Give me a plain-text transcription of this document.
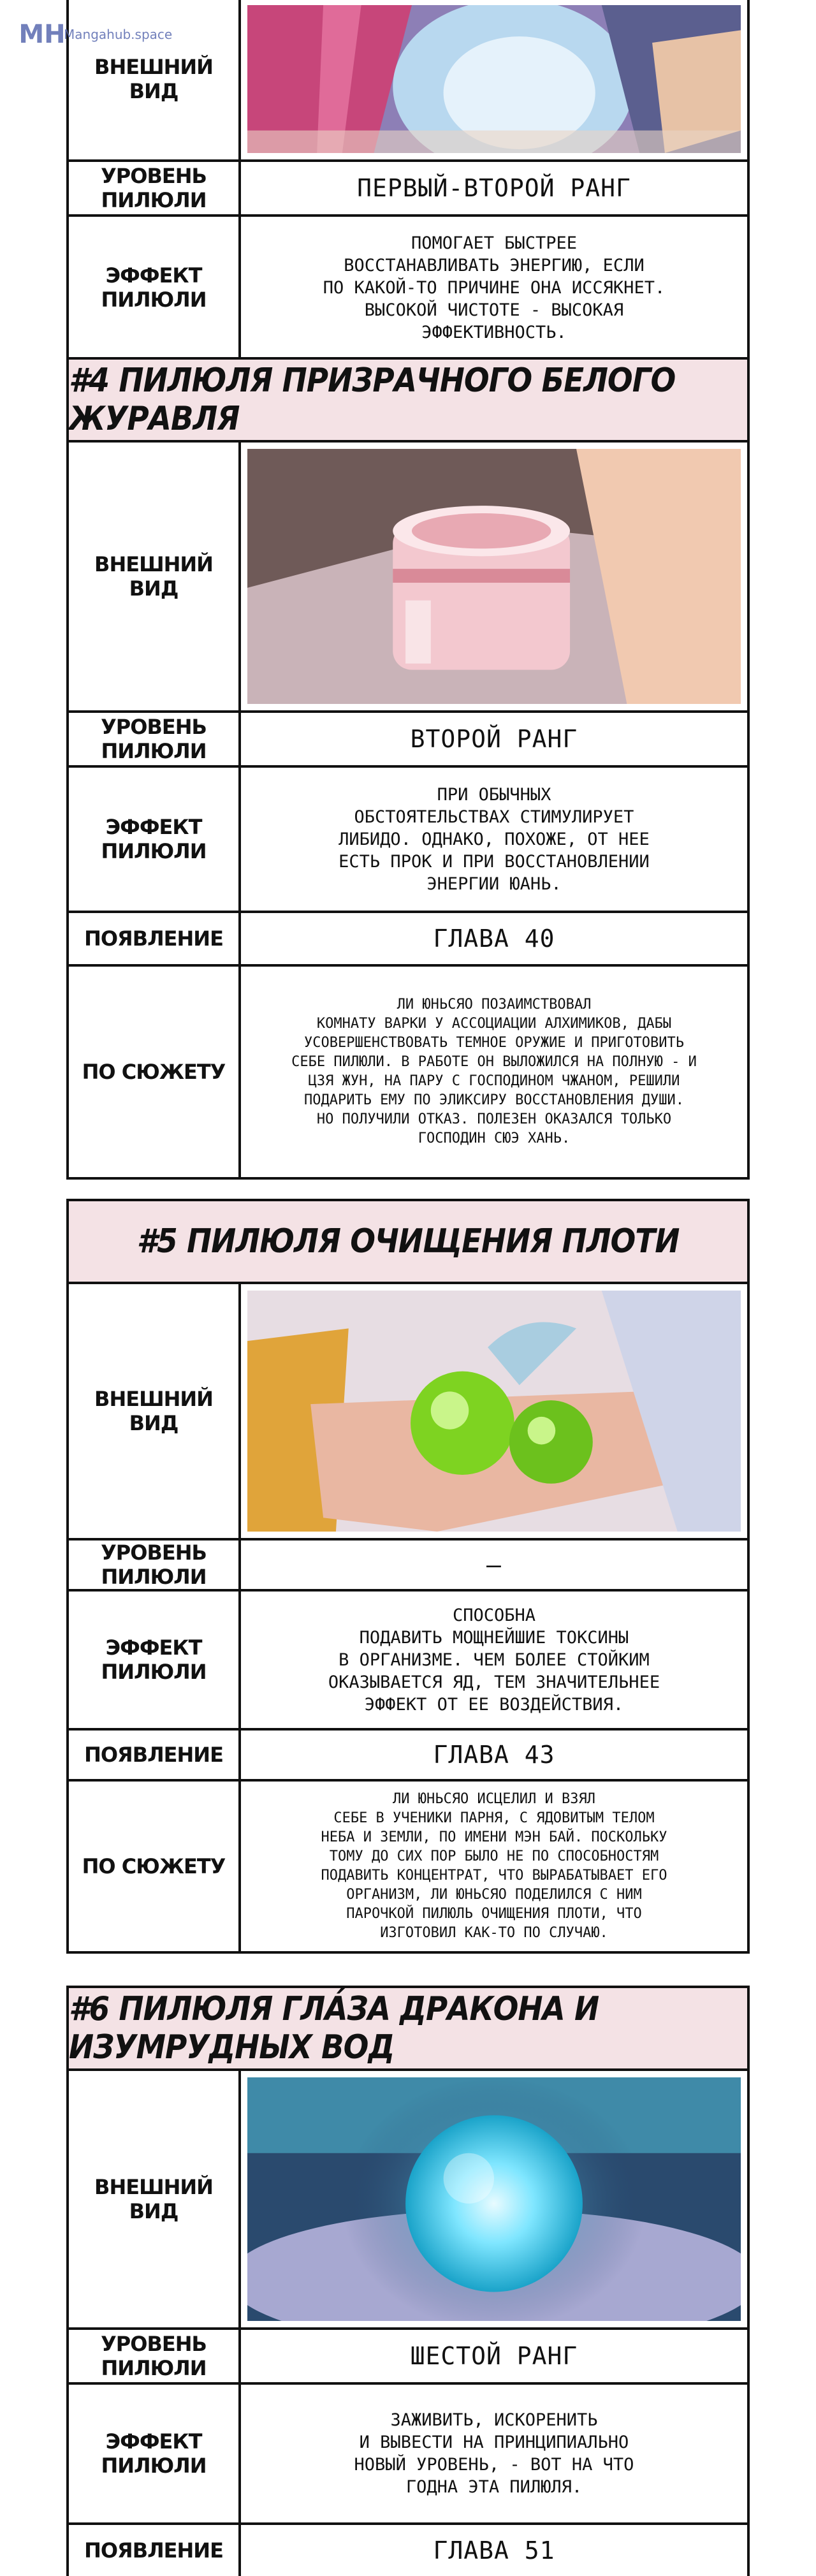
MH
Mangahub.space
ВНЕШНИЙ ВИД
УРОВЕНЬ ПИЛЮЛИ	ПЕРВЫЙ-ВТОРОЙ РАНГ
ЭФФЕКТ ПИЛЮЛИ
ПОМОГАЕТ БЫСТРЕЕ
ВОССТАНАВЛИВАТЬ ЭНЕРГИЮ, ЕСЛИ
ПО КАКОЙ-ТО ПРИЧИНЕ ОНА ИССЯКНЕТ.
ВЫСОКОЙ ЧИСТОТЕ - ВЫСОКАЯ
ЭФФЕКТИВНОСТЬ.
#4 ПИЛЮЛЯ ПРИЗРАЧНОГО БЕЛОГО ЖУРАВЛЯ
ВНЕШНИЙ ВИД
УРОВЕНЬ ПИЛЮЛИ	ВТОРОЙ РАНГ
ЭФФЕКТ ПИЛЮЛИ
ПРИ ОБЫЧНЫХ
ОБСТОЯТЕЛЬСТВАХ СТИМУЛИРУЕТ
ЛИБИДО. ОДНАКО, ПОХОЖЕ, ОТ НЕЕ
ЕСТЬ ПРОК И ПРИ ВОССТАНОВЛЕНИИ
ЭНЕРГИИ ЮАНЬ.
ПОЯВЛЕНИЕ	ГЛАВА 40
ПО СЮЖЕТУ
ЛИ ЮНЬСЯО ПОЗАИМСТВОВАЛ
КОМНАТУ ВАРКИ У АССОЦИАЦИИ АЛХИМИКОВ, ДАБЫ
УСОВЕРШЕНСТВОВАТЬ ТЕМНОЕ ОРУЖИЕ И ПРИГОТОВИТЬ
СЕБЕ ПИЛЮЛИ. В РАБОТЕ ОН ВЫЛОЖИЛСЯ НА ПОЛНУЮ - И
ЦЗЯ ЖУН, НА ПАРУ С ГОСПОДИНОМ ЧЖАНОМ, РЕШИЛИ
ПОДАРИТЬ ЕМУ ПО ЭЛИКСИРУ ВОССТАНОВЛЕНИЯ ДУШИ.
НО ПОЛУЧИЛИ ОТКАЗ. ПОЛЕЗЕН ОКАЗАЛСЯ ТОЛЬКО
ГОСПОДИН СЮЭ ХАНЬ.
#5 ПИЛЮЛЯ ОЧИЩЕНИЯ ПЛОТИ
ВНЕШНИЙ ВИД
УРОВЕНЬ ПИЛЮЛИ	—
ЭФФЕКТ ПИЛЮЛИ
СПОСОБНА
ПОДАВИТЬ МОЩНЕЙШИЕ ТОКСИНЫ
В ОРГАНИЗМЕ. ЧЕМ БОЛЕЕ СТОЙКИМ
ОКАЗЫВАЕТСЯ ЯД, ТЕМ ЗНАЧИТЕЛЬНЕЕ
ЭФФЕКТ ОТ ЕЕ ВОЗДЕЙСТВИЯ.
ПОЯВЛЕНИЕ	ГЛАВА 43
ПО СЮЖЕТУ
ЛИ ЮНЬСЯО ИСЦЕЛИЛ И ВЗЯЛ
СЕБЕ В УЧЕНИКИ ПАРНЯ, С ЯДОВИТЫМ ТЕЛОМ
НЕБА И ЗЕМЛИ, ПО ИМЕНИ МЭН БАЙ. ПОСКОЛЬКУ
ТОМУ ДО СИХ ПОР БЫЛО НЕ ПО СПОСОБНОСТЯМ
ПОДАВИТЬ КОНЦЕНТРАТ, ЧТО ВЫРАБАТЫВАЕТ ЕГО
ОРГАНИЗМ, ЛИ ЮНЬСЯО ПОДЕЛИЛСЯ С НИМ
ПАРОЧКОЙ ПИЛЮЛЬ ОЧИЩЕНИЯ ПЛОТИ, ЧТО
ИЗГОТОВИЛ КАК-ТО ПО СЛУЧАЮ.
#6 ПИЛЮЛЯ ГЛА́ЗА ДРАКОНА И ИЗУМРУДНЫХ ВОД
ВНЕШНИЙ ВИД
УРОВЕНЬ ПИЛЮЛИ	ШЕСТОЙ РАНГ
ЭФФЕКТ ПИЛЮЛИ
ЗАЖИВИТЬ, ИСКОРЕНИТЬ
И ВЫВЕСТИ НА ПРИНЦИПИАЛЬНО
НОВЫЙ УРОВЕНЬ, - ВОТ НА ЧТО
ГОДНА ЭТА ПИЛЮЛЯ.
ПОЯВЛЕНИЕ	ГЛАВА 51
